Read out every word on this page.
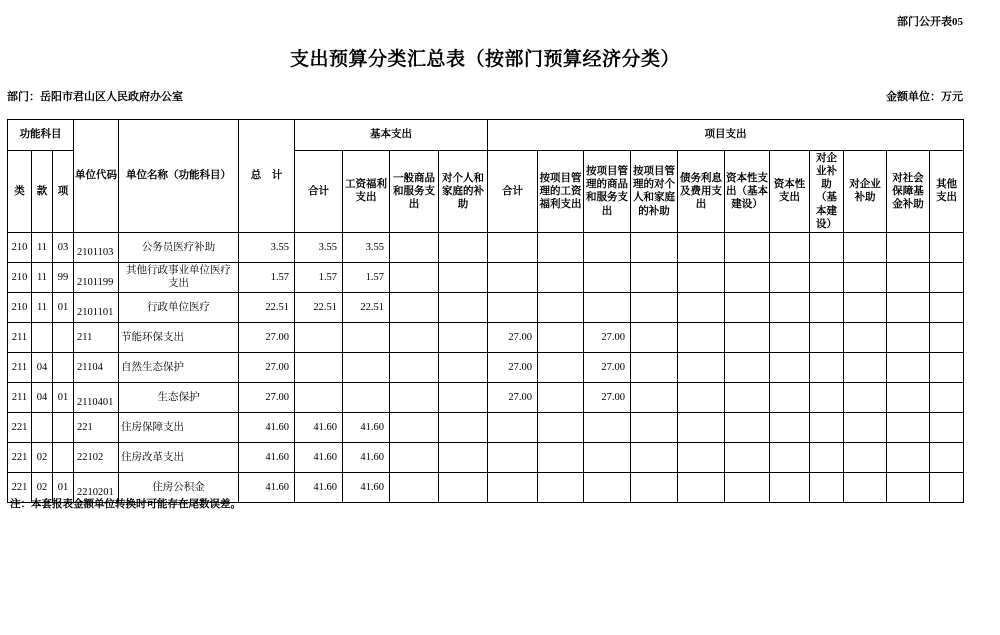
部门公开表05
支出预算分类汇总表（按部门预算经济分类）
部门：岳阳市君山区人民政府办公室	金额单位：万元
功能科目			单位代码	单位名称（功能科目）	总　计	基本支出				项目支出										
类	款	项				合计	工资福利支出	一般商品和服务支出	对个人和家庭的补助	合计	按项目管理的工资福利支出	按项目管理的商品和服务支出	按项目管理的对个人和家庭的补助	债务利息及费用支出	资本性支出（基本建设）	资本性支出	对企业补助（基本建设）	对企业补助	对社会保障基金补助	其他支出
210	11	03	2101103	公务员医疗补助	3.55	3.55	3.55													
210	11	99	2101199	其他行政事业单位医疗支出	1.57	1.57	1.57													
210	11	01	2101101	行政单位医疗	22.51	22.51	22.51													
211			211	节能环保支出	27.00					27.00		27.00								
211	04		21104	自然生态保护	27.00					27.00		27.00								
211	04	01	2110401	生态保护	27.00					27.00		27.00								
221			221	住房保障支出	41.60	41.60	41.60													
221	02		22102	住房改革支出	41.60	41.60	41.60													
221	02	01	2210201	住房公积金	41.60	41.60	41.60													
注：本套报表金额单位转换时可能存在尾数误差。
